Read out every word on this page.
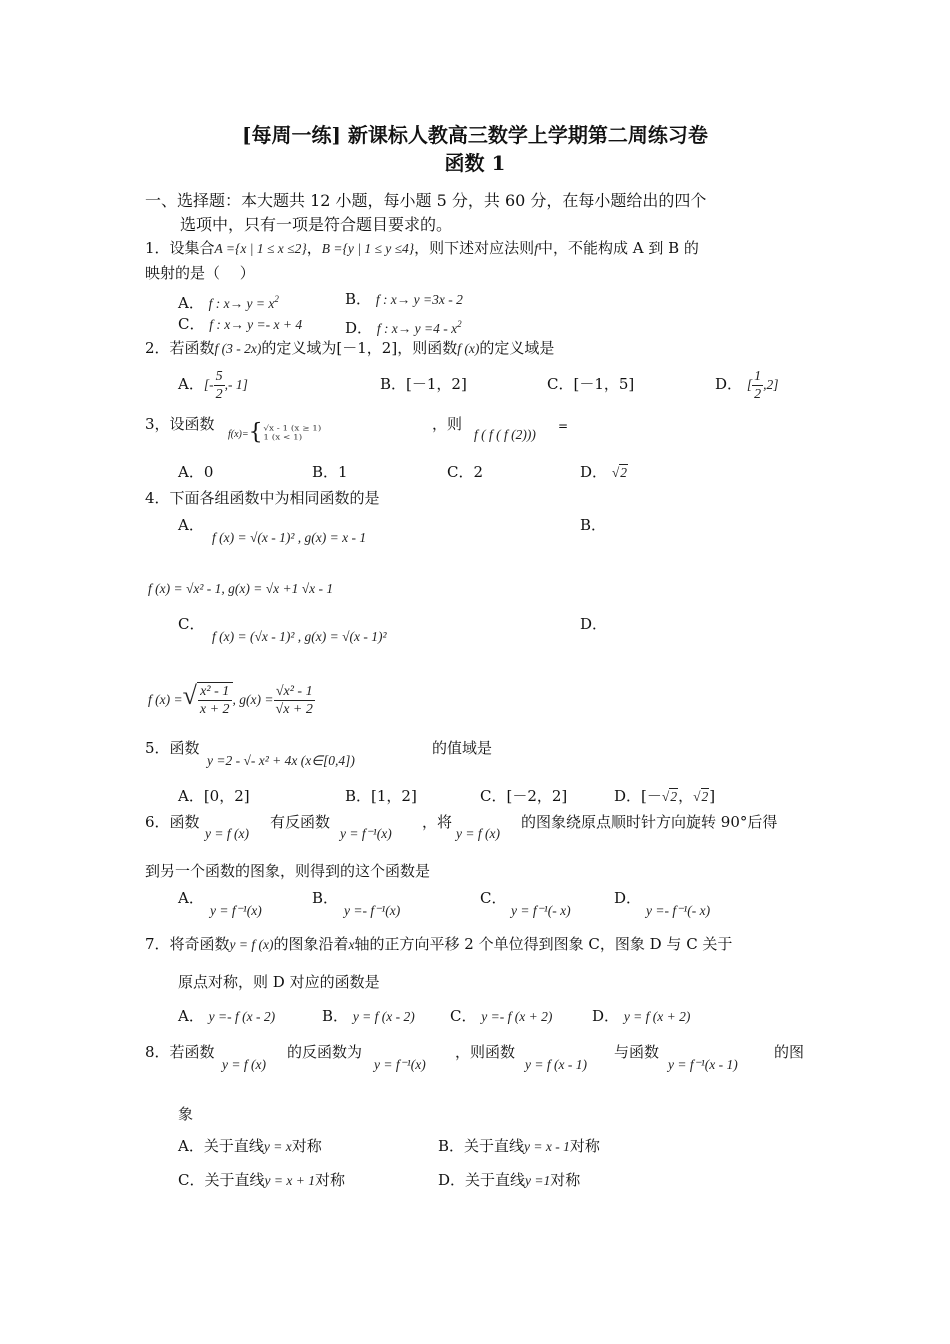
[每周一练] 新课标人教高三数学上学期第二周练习卷
函数 1
一、选择题：本大题共 12 小题，每小题 5 分，共 60 分，在每小题给出的四个
选项中，只有一项是符合题目要求的。
1．设集合A ={x | 1 ≤ x ≤2}，B ={y | 1 ≤ y ≤4}，则下述对应法则f中，不能构成 A 到 B 的
映射的是（　 ）
A． f : $x\to y = x^2$	B． f : x→ y =3x - 2
C． f : x→ y =- x + 4	D． f : $x\to y =4 - x^2$
2．若函数f (3 - 2x)的定义域为[－1，2]，则函数f (x)的定义域是
A．[- $\frac{5}{2}$ ,- 1]	B．[－1，2]	C．[－1，5]	D． [ $\frac{1}{2} ,2$]
3，设函数
f(x)={ √x - 1 (x ≥ 1)
1 (x < 1)
，则
f ( f ( f (2)))
=
A．0	B．1	C．2	D． √ 2
4．下面各组函数中为相同函数的是
A．
f (x) = √(x - 1)² , g(x) = x - 1
B．
f (x) = √x² - 1, g(x) = √x +1 √x - 1
C．
f (x) = (√x - 1)² , g(x) = √(x - 1)²
D．
f (x) = √ $\frac{\text{x² - 1}}{x + 2}$ , $g(x) = \frac{\text{√x² - 1}}{√x + 2}$
5．函数
y =2 - √- x² + 4x (x∈[0,4])
的值域是
A．[0，2]	B．[1，2]	C．[－2，2]	D．[－ √ 2， √ 2]
6．函数
y = f (x)
有反函数
y = f⁻¹(x)
，将
y = f (x)
的图象绕原点顺时针方向旋转 90°后得
到另一个函数的图象，则得到的这个函数是
A．
y = f⁻¹(x)
B．
y =- f⁻¹(x)
C．
y = f⁻¹(- x)
D．
y =- f⁻¹(- x)
7．将奇函数y = f (x)的图象沿着x轴的正方向平移 2 个单位得到图象 C，图象 D 与 C 关于
原点对称，则 D 对应的函数是
A． y =- f (x - 2)	B． y = f (x - 2) C． y =- f (x + 2)	D． y = f (x + 2)
8．若函数
y = f (x)
的反函数为
y = f⁻¹(x)
，则函数
y = f (x - 1)
与函数
y = f⁻¹(x - 1)
的图
象
A．关于直线y = x对称	B．关于直线y = x - 1对称
C．关于直线y = x + 1对称	D．关于直线y =1对称
